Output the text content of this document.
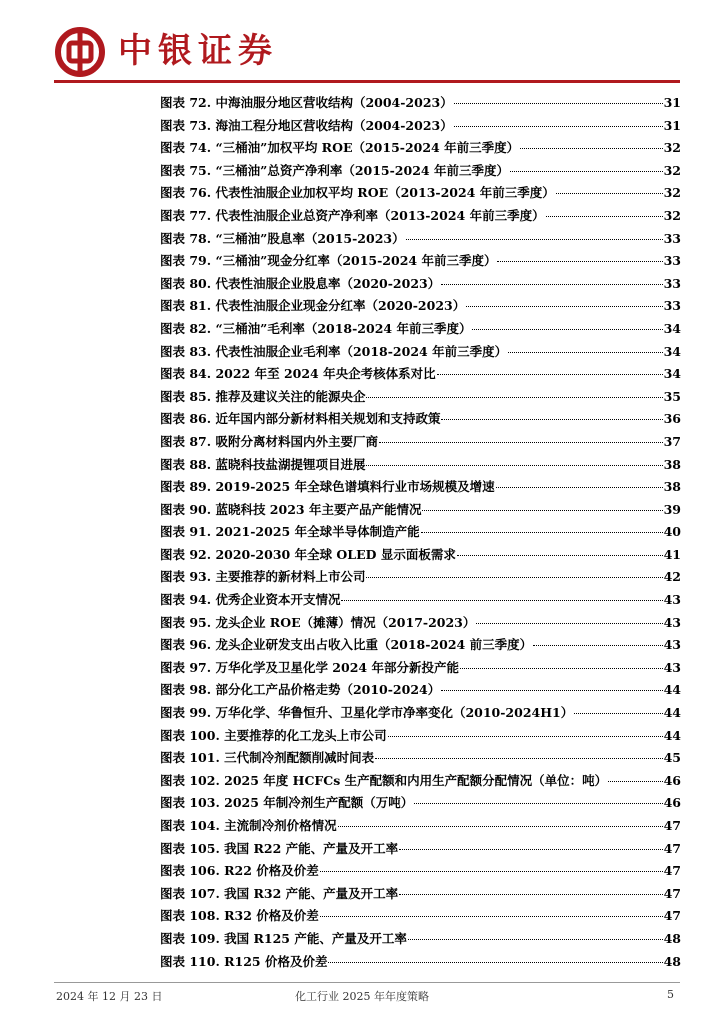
中银证券
图表 72. 中海油服分地区营收结构（2004-2023）	31
图表 73. 海油工程分地区营收结构（2004-2023）	31
图表 74. “三桶油”加权平均 ROE（2015-2024 年前三季度）	32
图表 75. “三桶油”总资产净利率（2015-2024 年前三季度）	32
图表 76. 代表性油服企业加权平均 ROE（2013-2024 年前三季度）	32
图表 77. 代表性油服企业总资产净利率（2013-2024 年前三季度）	32
图表 78. “三桶油”股息率（2015-2023）	33
图表 79. “三桶油”现金分红率（2015-2024 年前三季度）	33
图表 80. 代表性油服企业股息率（2020-2023）	33
图表 81. 代表性油服企业现金分红率（2020-2023）	33
图表 82. “三桶油”毛利率（2018-2024 年前三季度）	34
图表 83. 代表性油服企业毛利率（2018-2024 年前三季度）	34
图表 84. 2022 年至 2024 年央企考核体系对比	34
图表 85. 推荐及建议关注的能源央企	35
图表 86. 近年国内部分新材料相关规划和支持政策	36
图表 87. 吸附分离材料国内外主要厂商	37
图表 88. 蓝晓科技盐湖提锂项目进展	38
图表 89. 2019-2025 年全球色谱填料行业市场规模及增速	38
图表 90. 蓝晓科技 2023 年主要产品产能情况	39
图表 91. 2021-2025 年全球半导体制造产能	40
图表 92. 2020-2030 年全球 OLED 显示面板需求	41
图表 93. 主要推荐的新材料上市公司	42
图表 94. 优秀企业资本开支情况	43
图表 95. 龙头企业 ROE（摊薄）情况（2017-2023）	43
图表 96. 龙头企业研发支出占收入比重（2018-2024 前三季度）	43
图表 97. 万华化学及卫星化学 2024 年部分新投产能	43
图表 98. 部分化工产品价格走势（2010-2024）	44
图表 99. 万华化学、华鲁恒升、卫星化学市净率变化（2010-2024H1）	44
图表 100. 主要推荐的化工龙头上市公司	44
图表 101. 三代制冷剂配额削减时间表	45
图表 102. 2025 年度 HCFCs 生产配额和内用生产配额分配情况（单位：吨）	46
图表 103. 2025 年制冷剂生产配额（万吨）	46
图表 104. 主流制冷剂价格情况	47
图表 105. 我国 R22 产能、产量及开工率	47
图表 106. R22 价格及价差	47
图表 107. 我国 R32 产能、产量及开工率	47
图表 108. R32 价格及价差	47
图表 109. 我国 R125 产能、产量及开工率	48
图表 110. R125 价格及价差	48
2024 年 12 月 23 日	化工行业 2025 年年度策略	5
